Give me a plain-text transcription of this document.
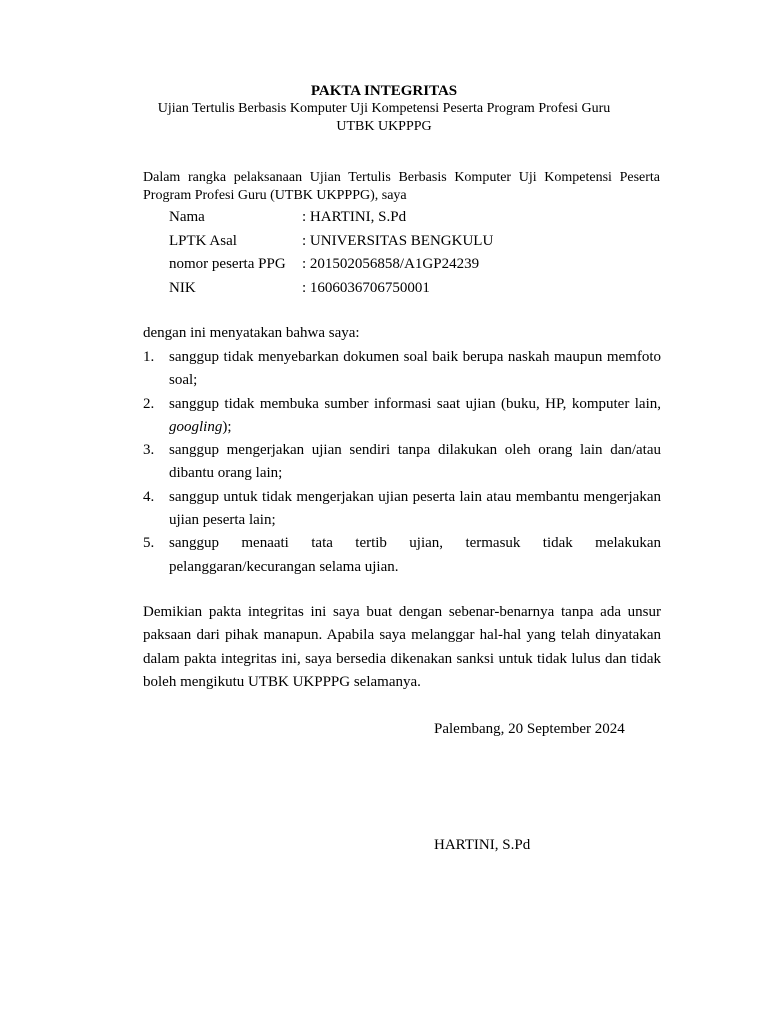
PAKTA INTEGRITAS
Ujian Tertulis Berbasis Komputer Uji Kompetensi Peserta Program Profesi Guru
UTBK UKPPPG
Dalam rangka pelaksanaan Ujian Tertulis Berbasis Komputer Uji Kompetensi Peserta Program Profesi Guru (UTBK UKPPPG), saya
Nama	: HARTINI, S.Pd
LPTK Asal	: UNIVERSITAS BENGKULU
nomor peserta PPG	: 201502056858/A1GP24239
NIK	: 1606036706750001
dengan ini menyatakan bahwa saya:
1. sanggup tidak menyebarkan dokumen soal baik berupa naskah maupun memfoto soal;
2. sanggup tidak membuka sumber informasi saat ujian (buku, HP, komputer lain, googling);
3. sanggup mengerjakan ujian sendiri tanpa dilakukan oleh orang lain dan/atau dibantu orang lain;
4. sanggup untuk tidak mengerjakan ujian peserta lain atau membantu mengerjakan ujian peserta lain;
5. sanggup menaati tata tertib ujian, termasuk tidak melakukan pelanggaran/kecurangan selama ujian.
Demikian pakta integritas ini saya buat dengan sebenar-benarnya tanpa ada unsur paksaan dari pihak manapun. Apabila saya melanggar hal-hal yang telah dinyatakan dalam pakta integritas ini, saya bersedia dikenakan sanksi untuk tidak lulus dan tidak boleh mengikutu UTBK UKPPPG selamanya.
Palembang, 20 September 2024
HARTINI, S.Pd
